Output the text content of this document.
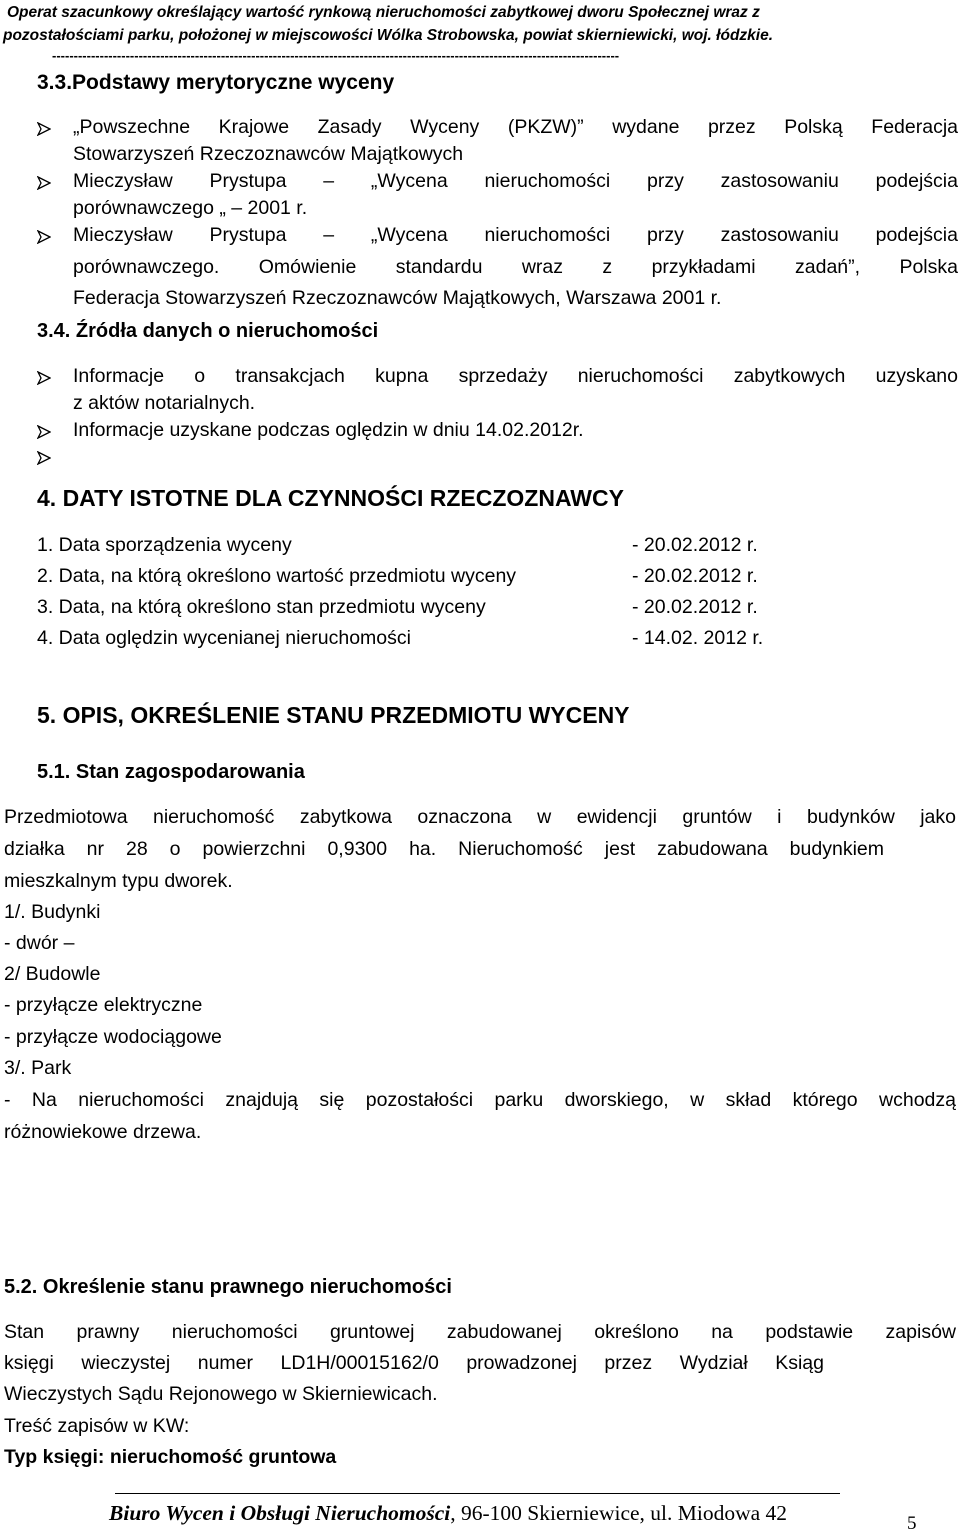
Operat szacunkowy określający wartość rynkową nieruchomości zabytkowej dworu Społecznej wraz z
pozostałościami parku, położonej w miejscowości Wólka Strobowska, powiat skierniewicki, woj. łódzkie.
-----------------------------------------------------------------------------------------------------------------------------------
3.3.Podstawy merytoryczne wyceny
„Powszechne Krajowe Zasady Wyceny (PKZW)” wydane przez Polską Federacja
Stowarzyszeń Rzeczoznawców Majątkowych
Mieczysław Prystupa – „Wycena nieruchomości przy zastosowaniu podejścia
porównawczego „ – 2001 r.
Mieczysław Prystupa – „Wycena nieruchomości przy zastosowaniu podejścia
porównawczego. Omówienie standardu wraz z przykładami zadań”, Polska
Federacja Stowarzyszeń Rzeczoznawców Majątkowych, Warszawa 2001 r.
3.4. Źródła danych o nieruchomości
Informacje o transakcjach kupna sprzedaży nieruchomości zabytkowych uzyskano
z aktów notarialnych.
Informacje uzyskane podczas oględzin w dniu 14.02.2012r.
4. DATY ISTOTNE DLA CZYNNOŚCI RZECZOZNAWCY
1. Data sporządzenia wyceny	- 20.02.2012 r.
2. Data, na którą określono wartość przedmiotu wyceny	- 20.02.2012 r.
3. Data, na którą określono stan przedmiotu wyceny	- 20.02.2012 r.
4. Data oględzin wycenianej nieruchomości	- 14.02. 2012 r.
5. OPIS, OKREŚLENIE STANU PRZEDMIOTU WYCENY
5.1. Stan zagospodarowania
Przedmiotowa nieruchomość zabytkowa oznaczona w ewidencji gruntów i budynków jako
działka nr 28 o powierzchni 0,9300 ha. Nieruchomość jest zabudowana budynkiem
mieszkalnym typu dworek.
1/. Budynki
- dwór –
2/ Budowle
- przyłącze elektryczne
- przyłącze wodociągowe
3/. Park
- Na nieruchomości znajdują się pozostałości parku dworskiego, w skład którego wchodzą
różnowiekowe drzewa.
5.2. Określenie stanu prawnego nieruchomości
Stan prawny nieruchomości gruntowej zabudowanej określono na podstawie zapisów
księgi wieczystej numer LD1H/00015162/0 prowadzonej przez Wydział Ksiąg
Wieczystych Sądu Rejonowego w Skierniewicach.
Treść zapisów w KW:
Typ księgi: nieruchomość gruntowa
Biuro Wycen i Obsługi Nieruchomości, 96-100 Skierniewice, ul. Miodowa 42	5
